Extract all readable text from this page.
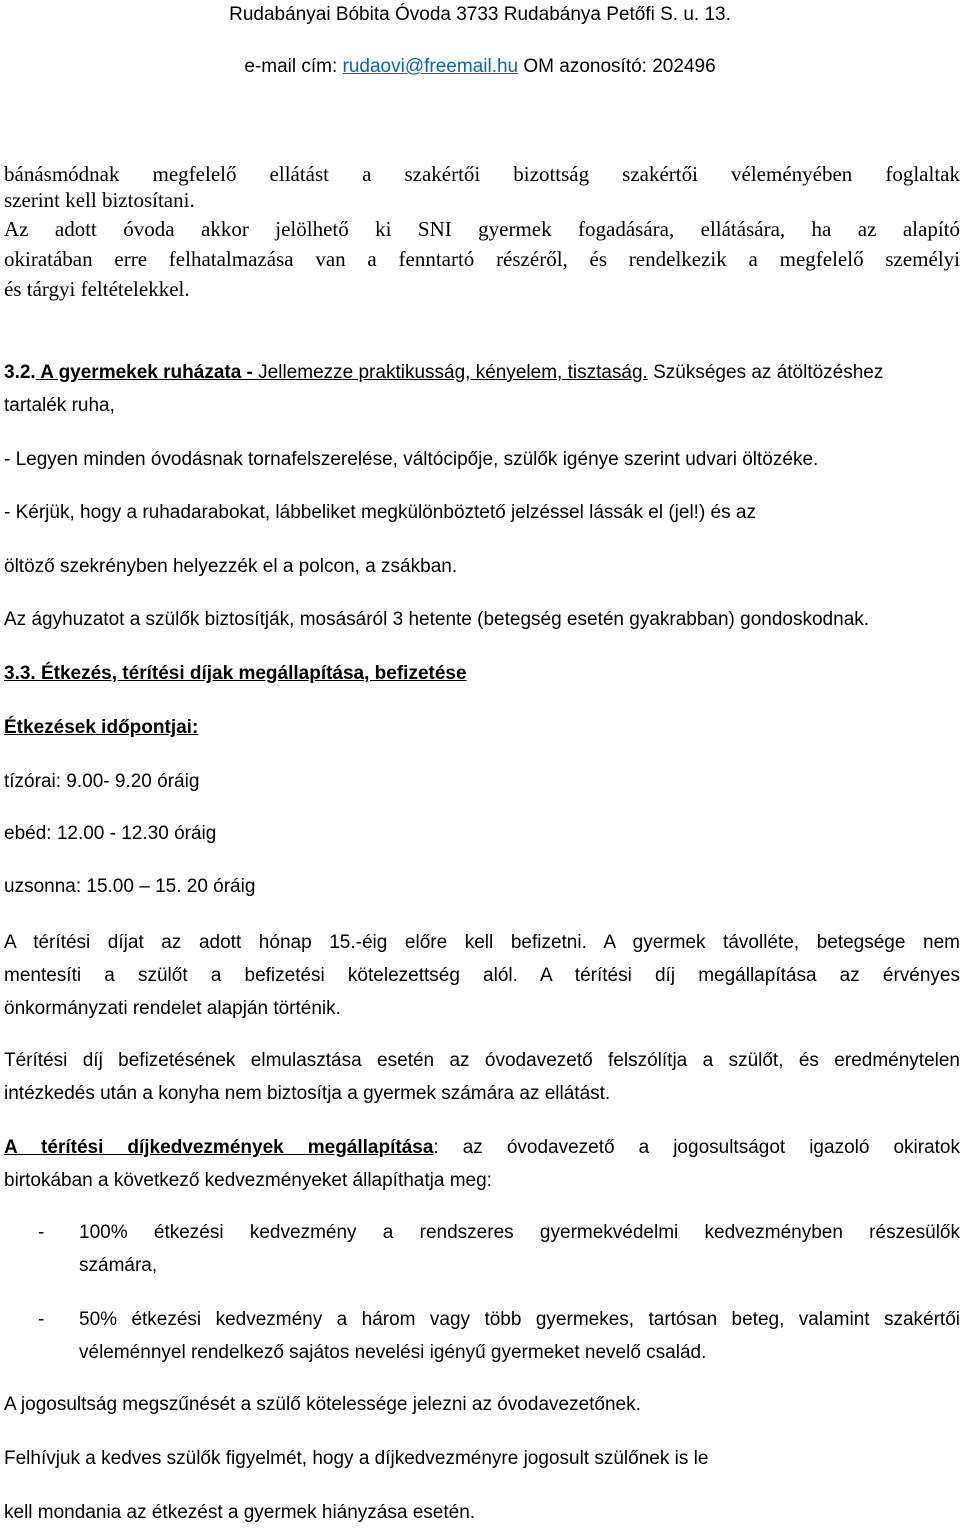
Rudabányai Bóbita Óvoda 3733 Rudabánya Petőfi S. u. 13.
e-mail cím: rudaovi@freemail.hu OM azonosító: 202496
bánásmódnak megfelelő ellátást a szakértői bizottság szakértői véleményében foglaltak
szerint kell biztosítani.
Az adott óvoda akkor jelölhető ki SNI gyermek fogadására, ellátására, ha az alapító
okiratában erre felhatalmazása van a fenntartó részéről, és rendelkezik a megfelelő személyi
és tárgyi feltételekkel.
3.2. A gyermekek ruházata - Jellemezze praktikusság, kényelem, tisztaság. Szükséges az átöltözéshez
tartalék ruha,
- Legyen minden óvodásnak tornafelszerelése, váltócipője, szülők igénye szerint udvari öltözéke.
- Kérjük, hogy a ruhadarabokat, lábbeliket megkülönböztető jelzéssel lássák el (jel!) és az
öltöző szekrényben helyezzék el a polcon, a zsákban.
Az ágyhuzatot a szülők biztosítják, mosásáról 3 hetente (betegség esetén gyakrabban) gondoskodnak.
3.3. Étkezés, térítési díjak megállapítása, befizetése
Étkezések időpontjai:
tízórai: 9.00- 9.20 óráig
ebéd: 12.00 - 12.30 óráig
uzsonna: 15.00 – 15. 20 óráig
A térítési díjat az adott hónap 15.-éig előre kell befizetni. A gyermek távolléte, betegsége nem
mentesíti a szülőt a befizetési kötelezettség alól. A térítési díj megállapítása az érvényes
önkormányzati rendelet alapján történik.
Térítési díj befizetésének elmulasztása esetén az óvodavezető felszólítja a szülőt, és eredménytelen
intézkedés után a konyha nem biztosítja a gyermek számára az ellátást.
A térítési díjkedvezmények megállapítása: az óvodavezető a jogosultságot igazoló okiratok
birtokában a következő kedvezményeket állapíthatja meg:
- 100% étkezési kedvezmény a rendszeres gyermekvédelmi kedvezményben részesülők
számára,
- 50% étkezési kedvezmény a három vagy több gyermekes, tartósan beteg, valamint szakértői
véleménnyel rendelkező sajátos nevelési igényű gyermeket nevelő család.
A jogosultság megszűnését a szülő kötelessége jelezni az óvodavezetőnek.
Felhívjuk a kedves szülők figyelmét, hogy a díjkedvezményre jogosult szülőnek is le
kell mondania az étkezést a gyermek hiányzása esetén.
